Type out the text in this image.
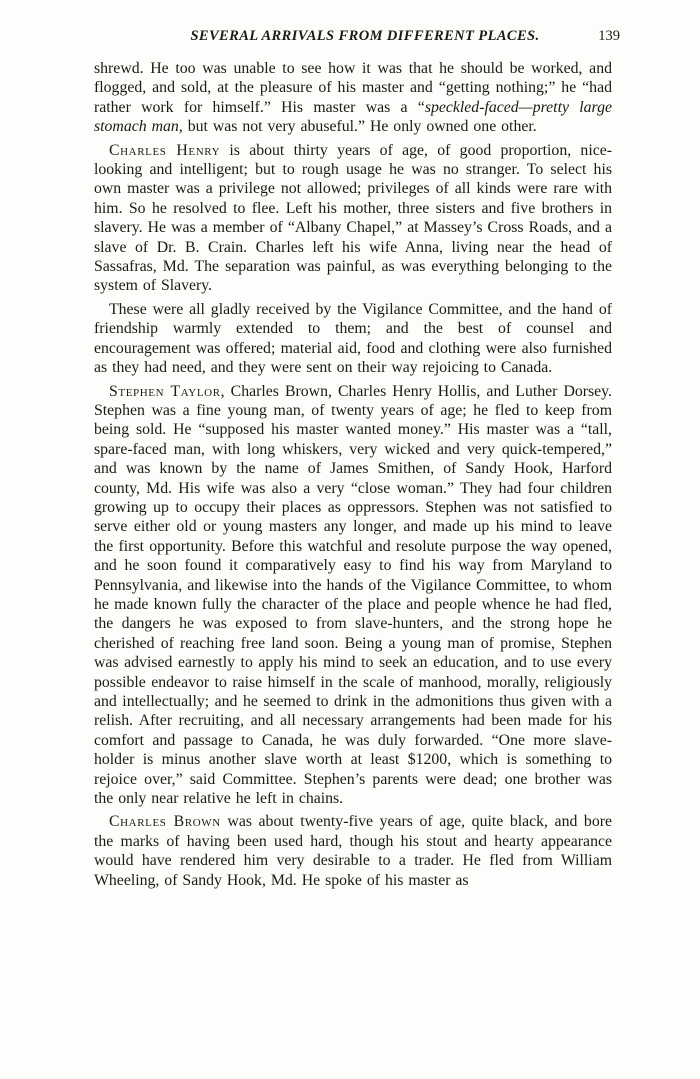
SEVERAL ARRIVALS FROM DIFFERENT PLACES.	139

shrewd. He too was unable to see how it was that he should be worked, and flogged, and sold, at the pleasure of his master and “getting nothing;” he “had rather work for himself.” His master was a “speckled-faced—pretty large stomach man, but was not very abuseful.” He only owned one other.

Charles Henry is about thirty years of age, of good proportion, nice-looking and intelligent; but to rough usage he was no stranger. To select his own master was a privilege not allowed; privileges of all kinds were rare with him. So he resolved to flee. Left his mother, three sisters and five brothers in slavery. He was a member of “Albany Chapel,” at Massey’s Cross Roads, and a slave of Dr. B. Crain. Charles left his wife Anna, living near the head of Sassafras, Md. The separation was painful, as was everything belonging to the system of Slavery.

These were all gladly received by the Vigilance Committee, and the hand of friendship warmly extended to them; and the best of counsel and encouragement was offered; material aid, food and clothing were also furnished as they had need, and they were sent on their way rejoicing to Canada.

Stephen Taylor, Charles Brown, Charles Henry Hollis, and Luther Dorsey. Stephen was a fine young man, of twenty years of age; he fled to keep from being sold. He “supposed his master wanted money.” His master was a “tall, spare-faced man, with long whiskers, very wicked and very quick-tempered,” and was known by the name of James Smithen, of Sandy Hook, Harford county, Md. His wife was also a very “close woman.” They had four children growing up to occupy their places as oppressors. Stephen was not satisfied to serve either old or young masters any longer, and made up his mind to leave the first opportunity. Before this watchful and resolute purpose the way opened, and he soon found it comparatively easy to find his way from Maryland to Pennsylvania, and likewise into the hands of the Vigilance Committee, to whom he made known fully the character of the place and people whence he had fled, the dangers he was exposed to from slave-hunters, and the strong hope he cherished of reaching free land soon. Being a young man of promise, Stephen was advised earnestly to apply his mind to seek an education, and to use every possible endeavor to raise himself in the scale of manhood, morally, religiously and intellectually; and he seemed to drink in the admonitions thus given with a relish. After recruiting, and all necessary arrangements had been made for his comfort and passage to Canada, he was duly forwarded. “One more slave-holder is minus another slave worth at least $1200, which is something to rejoice over,” said Committee. Stephen’s parents were dead; one brother was the only near relative he left in chains.

Charles Brown was about twenty-five years of age, quite black, and bore the marks of having been used hard, though his stout and hearty appearance would have rendered him very desirable to a trader. He fled from William Wheeling, of Sandy Hook, Md. He spoke of his master as
